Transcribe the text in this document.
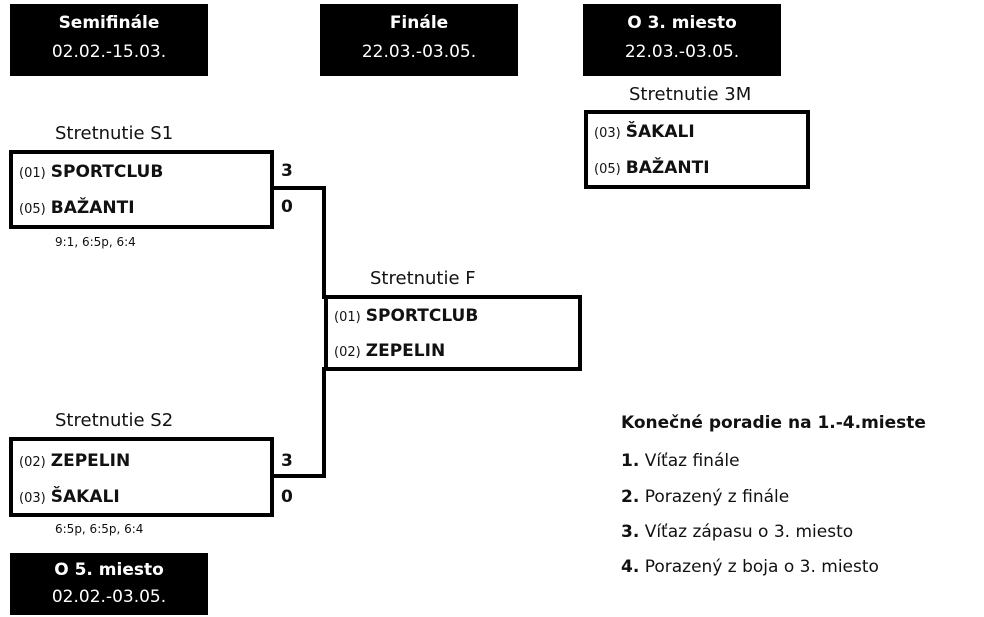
Semifinále
02.02.-15.03.
Finále
22.03.-03.05.
O 3. miesto
22.03.-03.05.
O 5. miesto
02.02.-03.05.
Stretnutie S1
(01) SPORTCLUB
(05) BAŽANTI
3
0
9:1, 6:5p, 6:4
Stretnutie S2
(02) ZEPELIN
(03) ŠAKALI
3
0
6:5p, 6:5p, 6:4
Stretnutie F
(01) SPORTCLUB
(02) ZEPELIN
Stretnutie 3M
(03) ŠAKALI
(05) BAŽANTI
Konečné poradie na 1.-4.mieste
1. Víťaz finále
2. Porazený z finále
3. Víťaz zápasu o 3. miesto
4. Porazený z boja o 3. miesto
